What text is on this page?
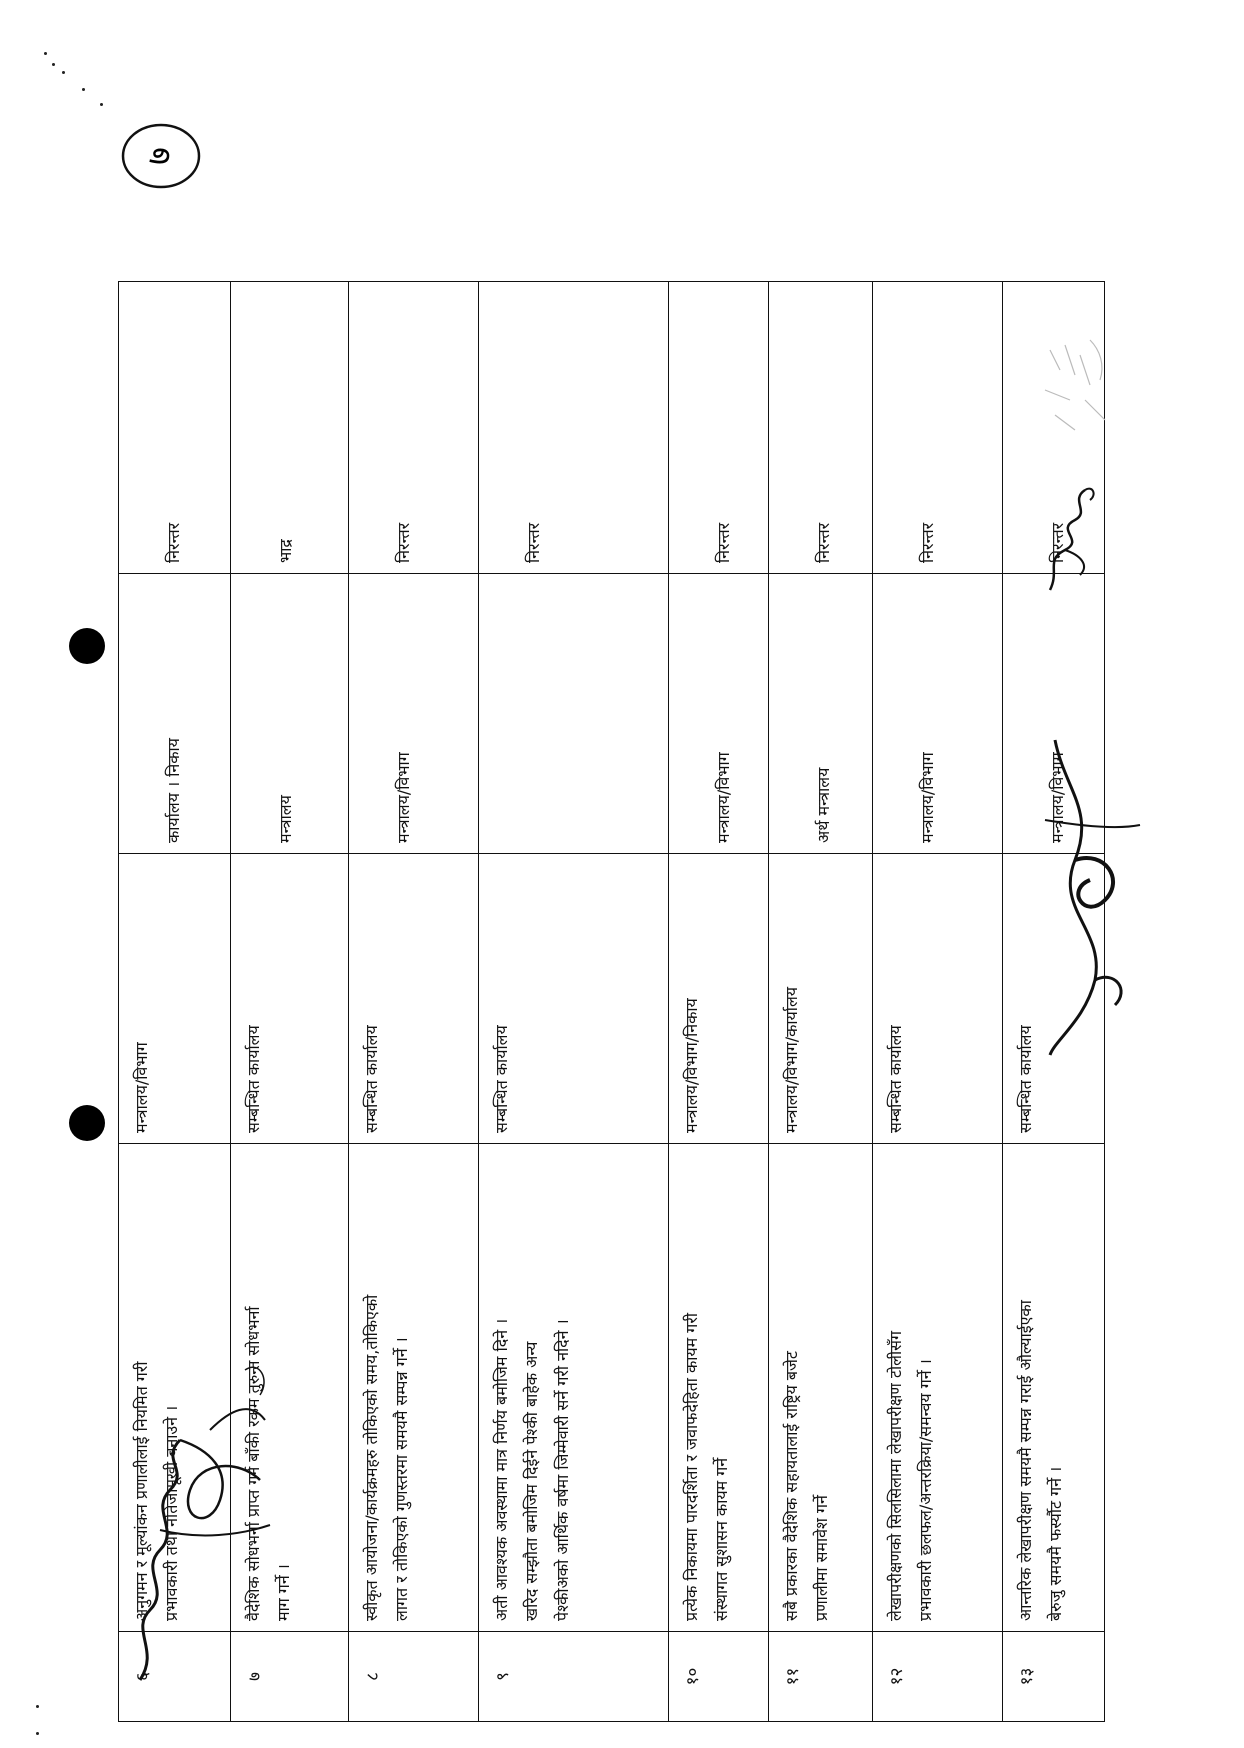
७
६	अनुगमन र मूल्यांकन प्रणालीलाई नियमित गरी प्रभावकारी तथा नतिजामूखी बनाउने ।	मन्त्रालय/विभाग	कार्यालय । निकाय	निरन्तर
७	वैदेशिक सोधभर्ना प्राप्त गर्न बाँकी रकम तुरुन्त सोधभर्ना माग गर्ने ।	सम्बन्धित कार्यालय	मन्त्रालय	भाद्र
८	स्वीकृत आयोजना/कार्यक्रमहरु तोकिएको समय,तोकिएको लागत र तोकिएको गुणस्तरमा समयमै सम्पन्न गर्ने ।	सम्बन्धित कार्यालय	मन्त्रालय/विभाग	निरन्तर
९	अती आवश्यक अवस्थामा मात्र निर्णय बमोजिम दिने । खरिद सम्झौता बमोजिम दिईने पेश्की बाहेक अन्य पेश्कीअको आर्थिक वर्षमा जिम्मेवारी सर्ने गरी नदिने ।	सम्बन्धित कार्यालय		निरन्तर
१०	प्रत्येक निकायमा पारदर्शिता र जवाफदेहिता कायम गरी संस्थागत सुशासन कायम गर्ने	मन्त्रालय/विभाग/निकाय	मन्त्रालय/विभाग	निरन्तर
११	सबै प्रकारका वैदेशिक सहायतालाई राष्ट्रिय बजेट प्रणालीमा समावेश गर्ने	मन्त्रालय/विभाग/कार्यालय	अर्थ मन्त्रालय	निरन्तर
१२	लेखापरीक्षणको सिलसिलामा लेखापरीक्षण टोलीसँग प्रभावकारी छलफल/अन्तरक्रिया/समन्वय गर्ने ।	सम्बन्धित कार्यालय	मन्त्रालय/विभाग	निरन्तर
१३	आन्तरिक लेखापरीक्षण समयमै सम्पन्न गराई औल्याईएका बेरुजु समयमै फर्स्यौट गर्ने ।	सम्बन्धित कार्यालय	मन्त्रालय/विभाग	निरन्तर
